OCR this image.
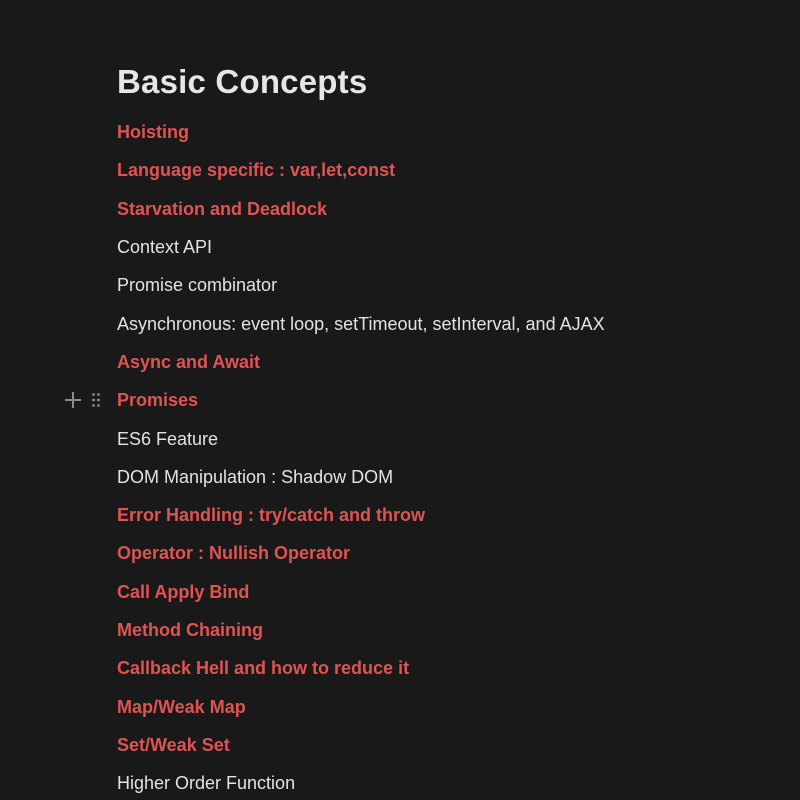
Basic Concepts
Hoisting
Language specific : var,let,const
Starvation and Deadlock
Context API
Promise combinator
Asynchronous: event loop, setTimeout, setInterval, and AJAX
Async and Await
Promises
ES6 Feature
DOM Manipulation : Shadow DOM
Error Handling : try/catch and throw
Operator : Nullish Operator
Call Apply Bind
Method Chaining
Callback Hell and how to reduce it
Map/Weak Map
Set/Weak Set
Higher Order Function
